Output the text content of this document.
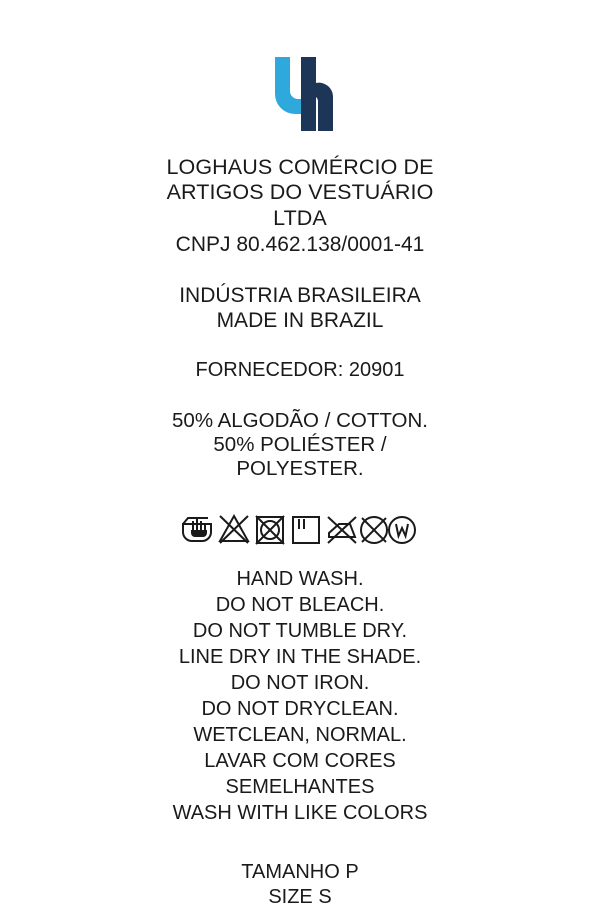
LOGHAUS COMÉRCIO DE
ARTIGOS DO VESTUÁRIO
LTDA
CNPJ 80.462.138/0001-41
INDÚSTRIA BRASILEIRA
MADE IN BRAZIL
FORNECEDOR: 20901
50% ALGODÃO / COTTON.
50% POLIÉSTER /
POLYESTER.
HAND WASH.
DO NOT BLEACH.
DO NOT TUMBLE DRY.
LINE DRY IN THE SHADE.
DO NOT IRON.
DO NOT DRYCLEAN.
WETCLEAN, NORMAL.
LAVAR COM CORES
SEMELHANTES
WASH WITH LIKE COLORS
TAMANHO P
SIZE S
